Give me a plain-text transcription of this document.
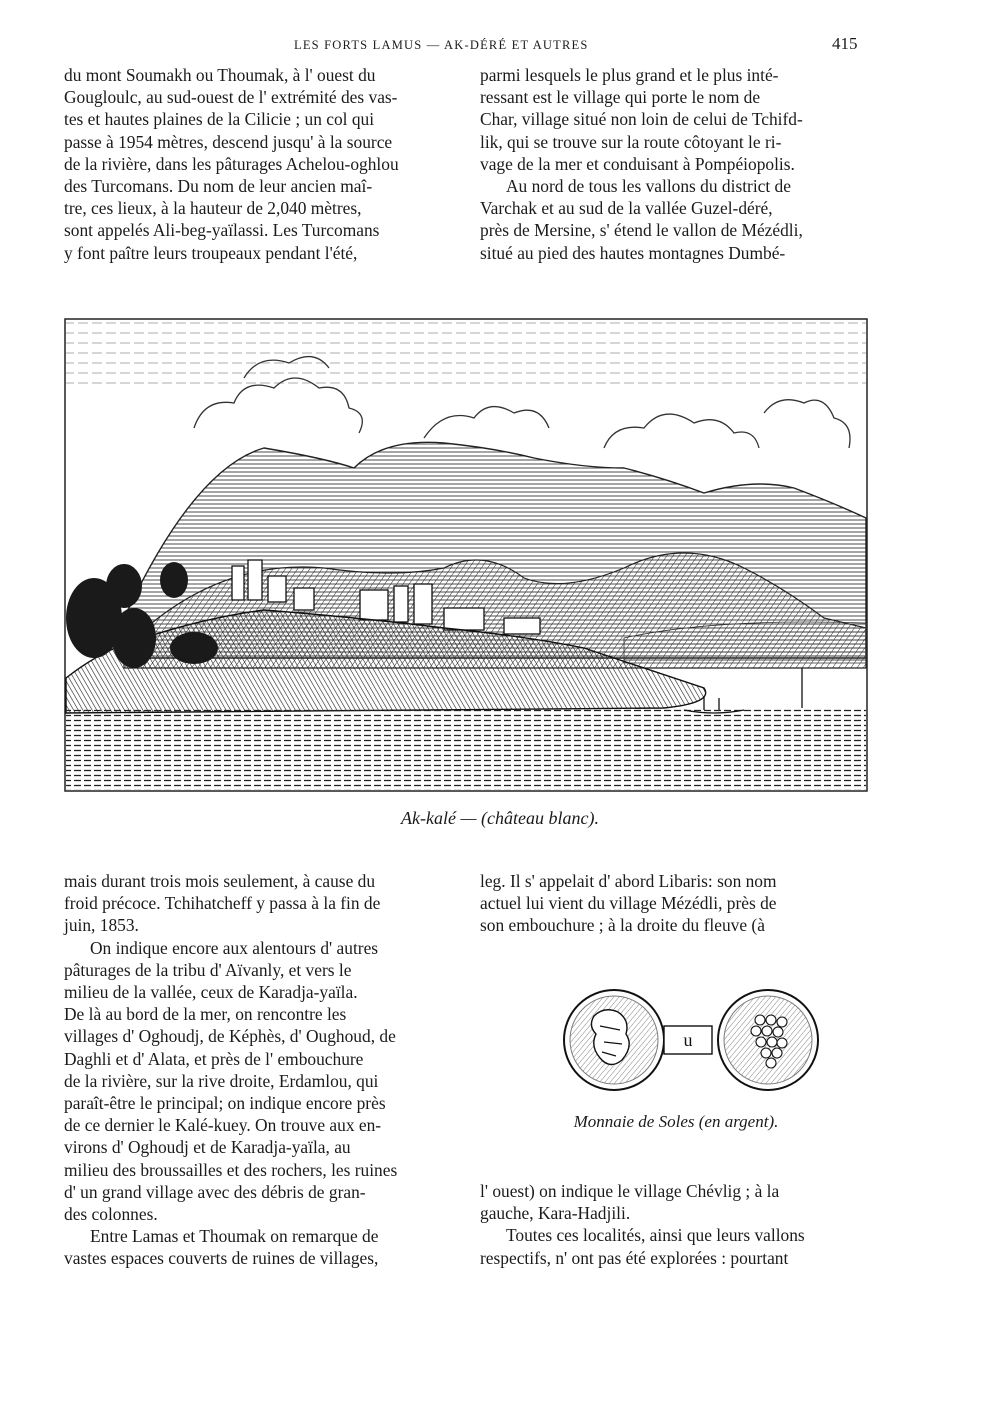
LES FORTS LAMUS — AK-DÉRÉ ET AUTRES	415

du mont Soumakh ou Thoumak, à l' ouest du
Gougloulc, au sud-ouest de l' extrémité des vas-
tes et hautes plaines de la Cilicie ; un col qui
passe à 1954 mètres, descend jusqu' à la source
de la rivière, dans les pâturages Achelou-oghlou
des Turcomans. Du nom de leur ancien maî-
tre, ces lieux, à la hauteur de 2,040 mètres,
sont appelés Ali-beg-yaïlassi. Les Turcomans
y font paître leurs troupeaux pendant l'été,

parmi lesquels le plus grand et le plus inté-
ressant est le village qui porte le nom de
Char, village situé non loin de celui de Tchifd-
lik, qui se trouve sur la route côtoyant le ri-
vage de la mer et conduisant à Pompéiopolis.

Au nord de tous les vallons du district de
Varchak et au sud de la vallée Guzel-déré,
près de Mersine, s' étend le vallon de Mézédli,
situé au pied des hautes montagnes Dumbé-

Ak-kalé — (château blanc).

mais durant trois mois seulement, à cause du
froid précoce. Tchihatcheff y passa à la fin de
juin, 1853.

On indique encore aux alentours d' autres
pâturages de la tribu d' Aïvanly, et vers le
milieu de la vallée, ceux de Karadja-yaïla.
De là au bord de la mer, on rencontre les
villages d' Oghoudj, de Képhès, d' Oughoud, de
Daghli et d' Alata, et près de l' embouchure
de la rivière, sur la rive droite, Erdamlou, qui
paraît-être le principal; on indique encore près
de ce dernier le Kalé-kuey. On trouve aux en-
virons d' Oghoudj et de Karadja-yaïla, au
milieu des broussailles et des rochers, les ruines
d' un grand village avec des débris de gran-
des colonnes.

Entre Lamas et Thoumak on remarque de
vastes espaces couverts de ruines de villages,

leg. Il s' appelait d' abord Libaris: son nom
actuel lui vient du village Mézédli, près de
son embouchure ; à la droite du fleuve (à

u
Monnaie de Soles (en argent).

l' ouest) on indique le village Chévlig ; à la
gauche, Kara-Hadjili.

Toutes ces localités, ainsi que leurs vallons
respectifs, n' ont pas été explorées : pourtant
